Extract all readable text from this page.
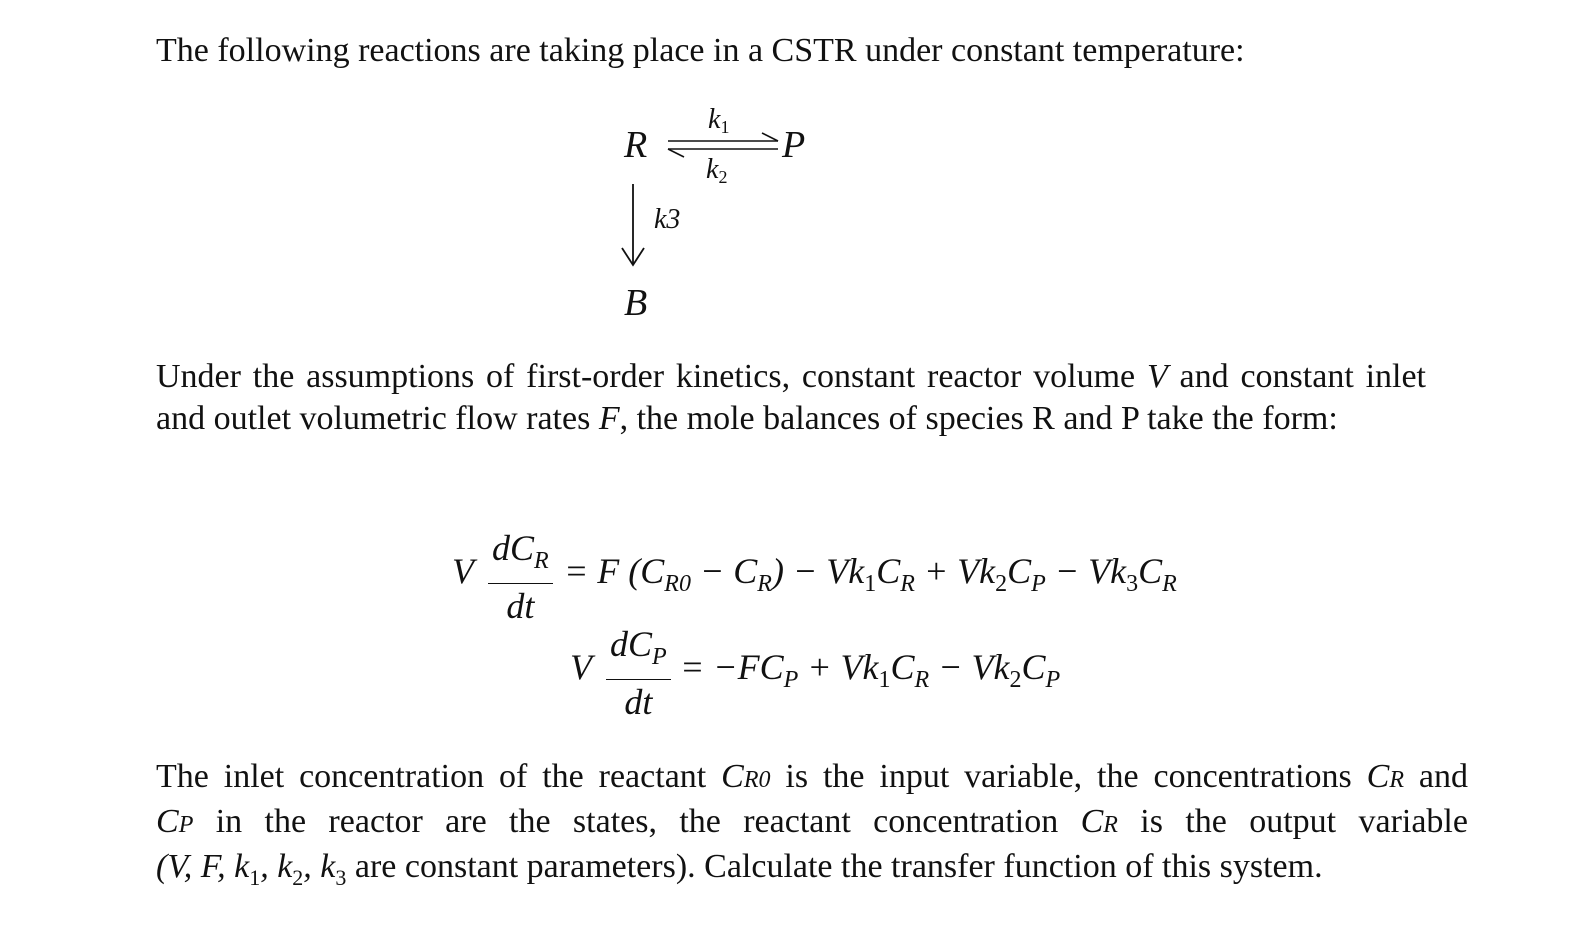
The following reactions are taking place in a CSTR under constant temperature:

R	P
B
$k_1$
$k_2$
k3

Under the assumptions of first-order kinetics, constant reactor volume V and constant inlet and outlet volumetric flow rates F, the mole balances of species R and P take the form:

V
$dC_R$
dt
= F $(C_{R0} - C_R) - Vk_1C_R + Vk_2C_P - Vk_3C_R$
V
$dC_P$
dt
= $-FC_P + Vk_1C_R - Vk_2C_P$
The inlet concentration of the reactant CR0 is the input variable, the concentrations CR and
CP in the reactor are the states, the reactant concentration CR is the output variable
(V, F, $k_1$, $k_2$, $k_3$ are constant parameters). Calculate the transfer function of this system.
